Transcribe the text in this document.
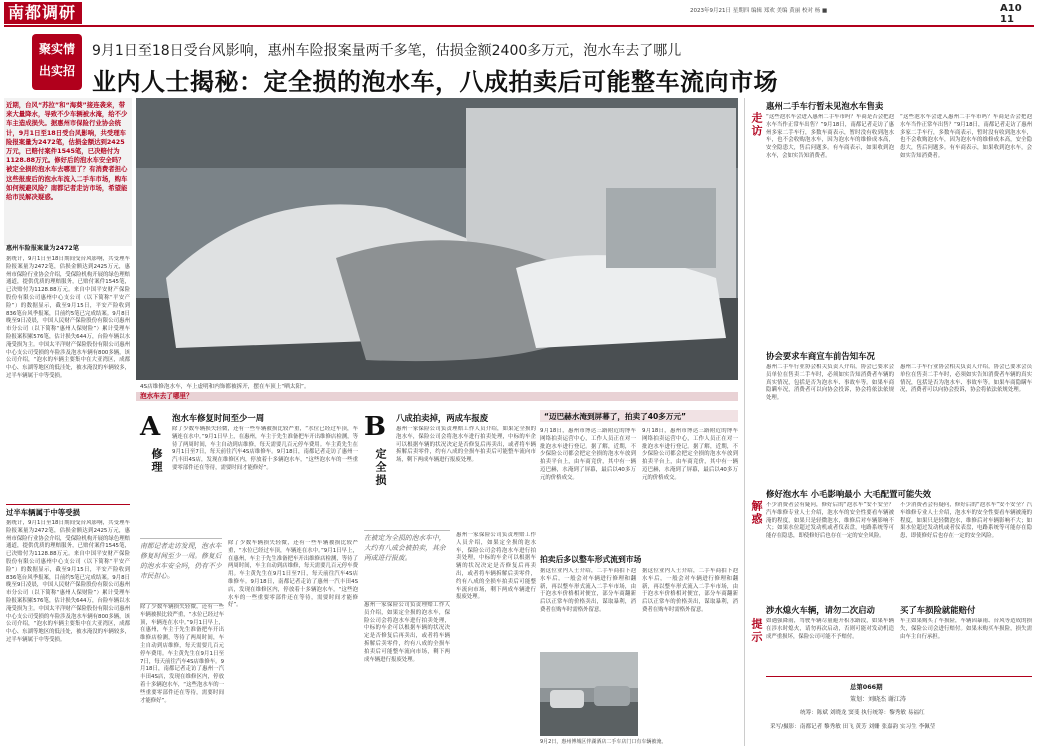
南都调研	2023年9月21日 星期四 编辑 郑欢 美编 黄丽 校对 杨 ■	A10 11
聚实情
出实招
9月1日至18日受台风影响，惠州车险报案量两千多笔，估损金额2400多万元，泡水车去了哪儿
业内人士揭秘：定全损的泡水车，八成拍卖后可能整车流向市场
近期，台风“苏拉”和“海葵”接连袭来，带来大量降水，导致不少车辆被水淹，给不少车主造成损失。据惠州市保险行业协会统计，9月1日至18日受台风影响，共受理车险报案量为2472笔，估损金额达到2425万元，已赔付案件1545笔，已决赔付为1128.88万元。修好后的泡水车安全吗？被定全损的泡水车去哪里了？有消费者担心这些报废后的泡水车流入二手车市场，购车如何规避风险？南都记者走访市场，希望能给市民解决疑惑。
惠州车险报案量为2472笔
据统计，9月1日至18日期间受台风影响，共受理车险报案量为2472笔，估损金额达到2425万元，惠州市保险行业协会介绍，受保险机构开展的绿色理赔通道，提供优质的理赔服务，已赔付案件1545笔，已决赔付为1128.88万元。来自中国平安财产保险股份有限公司惠州中心支公司（以下简称“平安产险”）的数据显示，截至9月15日，平安产险收到836笔台风季报案，目前约5笔已完成结案。9月8日晚至9日凌晨，中国人民财产保险股份有限公司惠州市分公司（以下简称“惠州人保财险”）累计受理车险报案积累576笔，估计损失644万，台险车辆以水淹受损为主。中国太平洋财产保险股份有限公司惠州中心支公司受损的车险涉及泡水车辆有800多辆，该公司介绍，“泡水的车辆主要集中在大亚湾区，成都中心、东湖等地区的低洼处，被水淹没的车辆较多，过半车辆属于中等受损。
过半车辆属于中等受损
据统计，9月1日至18日期间受台风影响，共受理车险报案量为2472笔，估损金额达到2425万元，惠州市保险行业协会介绍，受保险机构开展的绿色理赔通道，提供优质的理赔服务，已赔付案件1545笔，已决赔付为1128.88万元。来自中国平安财产保险股份有限公司惠州中心支公司（以下简称“平安产险”）的数据显示，截至9月15日，平安产险收到836笔台风季报案，目前约5笔已完成结案。9月8日晚至9日凌晨，中国人民财产保险股份有限公司惠州市分公司（以下简称“惠州人保财险”）累计受理车险报案积累576笔，估计损失644万，台险车辆以水淹受损为主。中国太平洋财产保险股份有限公司惠州中心支公司受损的车险涉及泡水车辆有800多辆，该公司介绍，“泡水的车辆主要集中在大亚湾区，成都中心、东湖等地区的低洼处，被水淹没的车辆较多，过半车辆属于中等受损。
4S店维修泡水车，车上虚明和内饰都被拆开，摆在车顶上“晒太阳”。
泡水车去了哪里？
A
修理
泡水车修复时间至少一周
除了少数车辆损失轻微，还有一些车辆被损比较严重，“水位已经过车顶，车辆连在水中。”9月1日早上，在惠州，车主于先生准备把车开出维修店检测，等待了两周时间，车主自动到店维修，每天需要几百元停车费用。车主黄先生在9月1日至7日，每天前往汽车4S店维修车。9月18日，南都记者走访了惠州一汽丰田4S店，发现在维修区内，停放着十多辆泡水车，“这些泡水车的一些重要零部件还在等待，需要时间才能修好”。
南都记者走访发现，泡水车修复时间至少一周。修复后的泡水车安全吗，仍有不少市民担心。
除了少数车辆损失轻微，还有一些车辆被损比较严重，“水位已经过车顶，车辆连在水中。”9月1日早上，在惠州，车主于先生准备把车开出维修店检测，等待了两周时间，车主自动到店维修，每天需要几百元停车费用。车主黄先生在9月1日至7日，每天前往汽车4S店维修车。9月18日，南都记者走访了惠州一汽丰田4S店，发现在维修区内，停放着十多辆泡水车，“这些泡水车的一些重要零部件还在等待，需要时间才能修好”。
除了少数车辆损失轻微，还有一些车辆被损比较严重，“水位已经过车顶，车辆连在水中。”9月1日早上，在惠州，车主于先生准备把车开出维修店检测，等待了两周时间，车主自动到店维修，每天需要几百元停车费用。车主黄先生在9月1日至7日，每天前往汽车4S店维修车。9月18日，南都记者走访了惠州一汽丰田4S店，发现在维修区内，停放着十多辆泡水车，“这些泡水车的一些重要零部件还在等待，需要时间才能修好”。
B
定全损
八成拍卖掉，两成车报废
惠州一家保险公司负责理赔工作人员介绍，如果定全损的泡水车，保险公司会将泡水车进行拍卖处理，中标的车企可以根据车辆的状况决定是否修复后再卖出，或者将车辆拆解后卖零件，约有八成的全损车拍卖后可能整车流向市场，剩下两成车辆进行报废处理。
在被定为全损的泡水车中，大约有八成会被拍卖，其余两成进行报废。
惠州一家保险公司负责理赔工作人员介绍，如果定全损的泡水车，保险公司会将泡水车进行拍卖处理，中标的车企可以根据车辆的状况决定是否修复后再卖出，或者将车辆拆解后卖零件，约有八成的全损车拍卖后可能整车流向市场，剩下两成车辆进行报废处理。
惠州一家保险公司负责理赔工作人员介绍，如果定全损的泡水车，保险公司会将泡水车进行拍卖处理，中标的车企可以根据车辆的状况决定是否修复后再卖出，或者将车辆拆解后卖零件，约有八成的全损车拍卖后可能整车流向市场，剩下两成车辆进行报废处理。
“迈巴赫水淹到屏幕了，拍卖了40多万元”
9月18日，惠州市博达三路附近的博车网络拍卖运营中心，工作人员正在对一批泡水车进行登记。据了解，近期，不少保险公司都会把定全损的泡水车放到拍卖平台上，由车商竞价，其中有一辆迈巴赫，水淹到了屏幕，最后以40多万元的价格成交。
9月18日，惠州市博达三路附近的博车网络拍卖运营中心，工作人员正在对一批泡水车进行登记。据了解，近期，不少保险公司都会把定全损的泡水车放到拍卖平台上，由车商竞价，其中有一辆迈巴赫，水淹到了屏幕，最后以40多万元的价格成交。
拍卖后多以整车形式流到市场
据这位业内人士介绍，二手车商拍下泡水车后，一般会对车辆进行修理和翻新，再以整车形式流入二手车市场，由于泡水车价格相对便宜，部分车商翻新后以正常车的价格卖出，谋取暴利，消费者在购车时需格外留意。
据这位业内人士介绍，二手车商拍下泡水车后，一般会对车辆进行修理和翻新，再以整车形式流入二手车市场，由于泡水车价格相对便宜，部分车商翻新后以正常车的价格卖出，谋取暴利，消费者在购车时需格外留意。
9月2日，惠州博城区伴湖酒店二手车店门口有车辆被淹。
走访
惠州二手车行暂未见泡水车售卖
“这些泡水车会进入惠州二手车市吗？车商是否会把泡水车当作正常车出售？”9月18日，南都记者走访了惠州多家二手车行，多数车商表示，暂时没有收到泡水车，也不会收购泡水车，因为泡水车的维修成本高，安全隐患大，售后问题多。有车商表示，如果收到泡水车，会如实告知消费者。
“这些泡水车会进入惠州二手车市吗？车商是否会把泡水车当作正常车出售？”9月18日，南都记者走访了惠州多家二手车行，多数车商表示，暂时没有收到泡水车，也不会收购泡水车，因为泡水车的维修成本高，安全隐患大，售后问题多。有车商表示，如果收到泡水车，会如实告知消费者。
协会要求车商宣车前告知车况
惠州二手车行业协会相关负责人介绍，协会已要求会员单位在售卖二手车时，必须如实告知消费者车辆的真实情况，包括是否为泡水车、事故车等。如果车商隐瞒车况，消费者可以向协会投诉，协会将依法依规处理。
惠州二手车行业协会相关负责人介绍，协会已要求会员单位在售卖二手车时，必须如实告知消费者车辆的真实情况，包括是否为泡水车、事故车等。如果车商隐瞒车况，消费者可以向协会投诉，协会将依法依规处理。
解惑
修好泡水车 小毛影响最小 大毛配置可能失效
不少消费者会有疑问，修好后的“泡水车”安不安全？汽车维修专业人士介绍，泡水车的安全性要看车辆被淹的程度，如果只是轻微泡水，维修后对车辆影响不大；如果水位超过发动机或者仪表盘，电路系统等可能存在隐患，即使修好后也存在一定的安全风险。
不少消费者会有疑问，修好后的“泡水车”安不安全？汽车维修专业人士介绍，泡水车的安全性要看车辆被淹的程度，如果只是轻微泡水，维修后对车辆影响不大；如果水位超过发动机或者仪表盘，电路系统等可能存在隐患，即使修好后也存在一定的安全风险。
提示
涉水熄火车辆，请勿二次启动
如遇强降雨，驾驶车辆尽量避开积水路段，如果车辆在涉水时熄火，请勿再次启动，否则可能对发动机造成严重损坏，保险公司可能不予赔付。
买了车损险就能赔付
车主如果购买了车损险，车辆因暴雨、台风等造成的损失，保险公司会进行赔付。如果未购买车损险，损失需由车主自行承担。
总第066期
策划：刘晓杰 谢江涛
统筹：陈斌 刘晓龙 窦斐 执行统筹：黎秀敏 易福红
采写/摄影：南都记者 黎秀敏 田飞 黄芳 刘姗 张嘉韵 实习生 李佩莹
